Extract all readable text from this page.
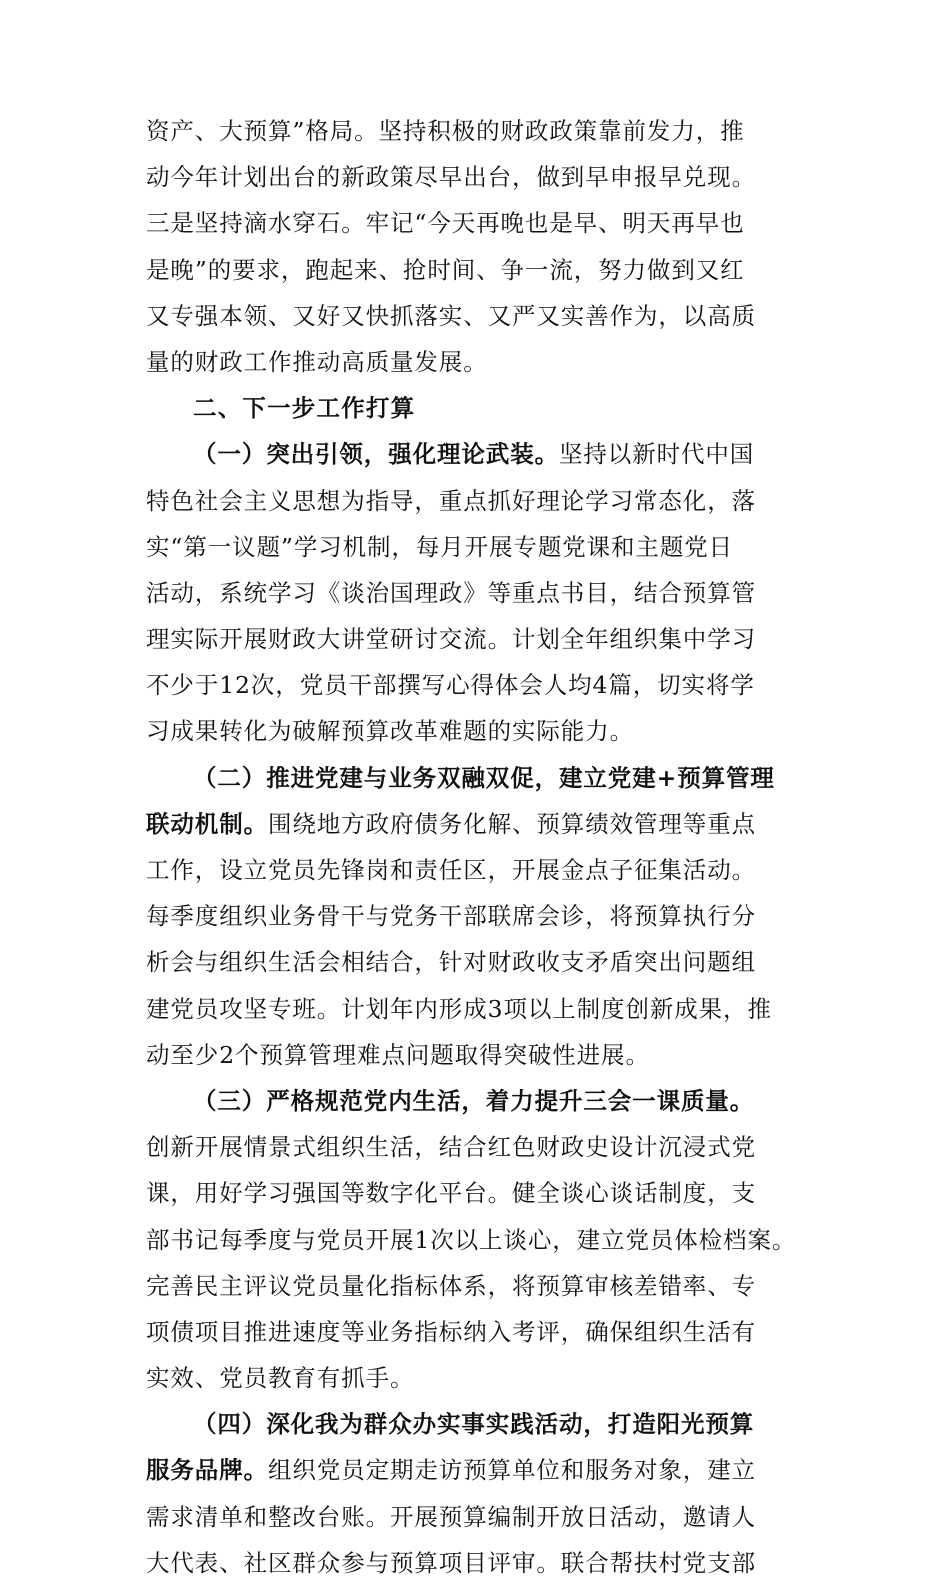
资产、大预算”格局。坚持积极的财政政策靠前发力，推
动今年计划出台的新政策尽早出台，做到早申报早兑现。
三是坚持滴水穿石。牢记“今天再晚也是早、明天再早也
是晚”的要求，跑起来、抢时间、争一流，努力做到又红
又专强本领、又好又快抓落实、又严又实善作为，以高质
量的财政工作推动高质量发展。
二、下一步工作打算
（一）突出引领，强化理论武装。坚持以新时代中国
特色社会主义思想为指导，重点抓好理论学习常态化，落
实“第一议题”学习机制，每月开展专题党课和主题党日
活动，系统学习《谈治国理政》等重点书目，结合预算管
理实际开展财政大讲堂研讨交流。计划全年组织集中学习
不少于12次，党员干部撰写心得体会人均4篇，切实将学
习成果转化为破解预算改革难题的实际能力。
（二）推进党建与业务双融双促，建立党建+预算管理
联动机制。围绕地方政府债务化解、预算绩效管理等重点
工作，设立党员先锋岗和责任区，开展金点子征集活动。
每季度组织业务骨干与党务干部联席会诊，将预算执行分
析会与组织生活会相结合，针对财政收支矛盾突出问题组
建党员攻坚专班。计划年内形成3项以上制度创新成果，推
动至少2个预算管理难点问题取得突破性进展。
（三）严格规范党内生活，着力提升三会一课质量。
创新开展情景式组织生活，结合红色财政史设计沉浸式党
课，用好学习强国等数字化平台。健全谈心谈话制度，支
部书记每季度与党员开展1次以上谈心，建立党员体检档案。
完善民主评议党员量化指标体系，将预算审核差错率、专
项债项目推进速度等业务指标纳入考评，确保组织生活有
实效、党员教育有抓手。
（四）深化我为群众办实事实践活动，打造阳光预算
服务品牌。组织党员定期走访预算单位和服务对象，建立
需求清单和整改台账。开展预算编制开放日活动，邀请人
大代表、社区群众参与预算项目评审。联合帮扶村党支部
